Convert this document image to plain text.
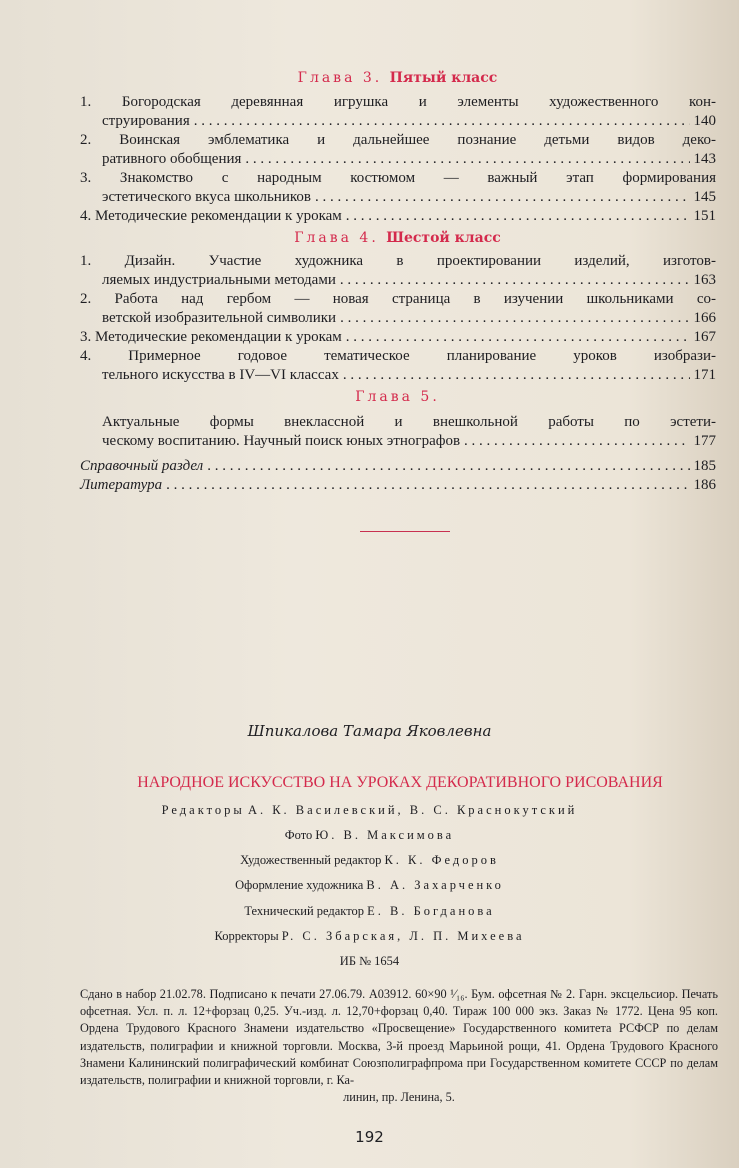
Глава 3. Пятый класс
1. Богородская деревянная игрушка и элементы художественного кон-
струирования . . .	140
2. Воинская эмблематика и дальнейшее познание детьми видов деко-
ративного обобщения . . .	143
3. Знакомство с народным костюмом — важный этап формирования
эстетического вкуса школьников . . .	145
4. Методические рекомендации к урокам . . .	151
Глава 4. Шестой класс
1. Дизайн. Участие художника в проектировании изделий, изготов-
ляемых индустриальными методами . . .	163
2. Работа над гербом — новая страница в изучении школьниками со-
ветской изобразительной символики . . .	166
3. Методические рекомендации к урокам . . .	167
4. Примерное годовое тематическое планирование уроков изобрази-
тельного искусства в IV—VI классах . . .	171
Глава 5.
Актуальные формы внеклассной и внешкольной работы по эстети-
ческому воспитанию. Научный поиск юных этнографов . . .	177
Справочный раздел . . .	185
Литература . . .	186
Шпикалова Тамара Яковлевна
НАРОДНОЕ ИСКУССТВО НА УРОКАХ ДЕКОРАТИВНОГО РИСОВАНИЯ
Редакторы А. К. Василевский, В. С. Краснокутский
Фото Ю. В. Максимова
Художественный редактор К. К. Федоров
Оформление художника В. А. Захарченко
Технический редактор Е. В. Богданова
Корректоры Р. С. Збарская, Л. П. Михеева
ИБ № 1654
Сдано в набор 21.02.78. Подписано к печати 27.06.79. А03912. 60×90 ¹⁄₁₆. Бум. офсетная № 2. Гарн. эксцельсиор. Печать офсетная. Усл. п. л. 12+форзац 0,25. Уч.-изд. л. 12,70+форзац 0,40. Тираж 100 000 экз. Заказ № 1772. Цена 95 коп. Ордена Трудового Красного Знамени издательство «Просвещение» Государственного комитета РСФСР по делам издательств, полиграфии и книжной торговли. Москва, 3-й проезд Марьиной рощи, 41. Ордена Трудового Красного Знамени Калининский полиграфический комбинат Союзполиграфпрома при Государственном комитете СССР по делам издательств, полиграфии и книжной торговли, г. Ка-
линин, пр. Ленина, 5.
192
